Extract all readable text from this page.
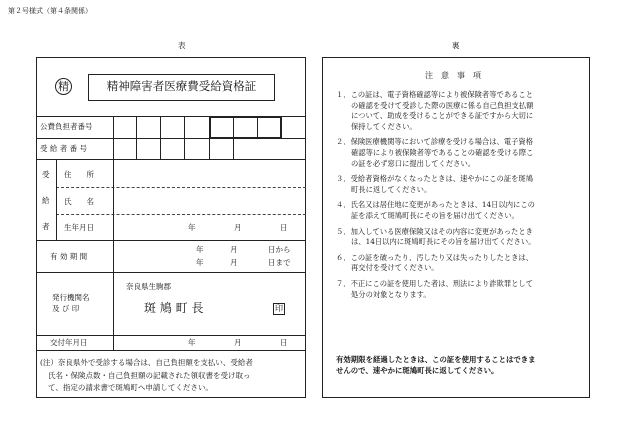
第２号様式（第４条関係）
表
精	精神障害者医療費受給資格証
公費負担者番号
受 給 者 番 号
受
給
者
住　　所
氏　　名
生年月日	年	月	日
有 効 期 間
年	月	日から
年	月	日まで
発行機関名
及 び 印
奈良県生駒郡
斑 鳩 町 長	印
交付年月日	年	月	日
(注）奈良県外で受診する場合は、自己負担額を支払い、受給者
氏名・保険点数・自己負担額の記載された領収書を受け取っ
て、指定の請求書で斑鳩町へ申請してください。
裏
注　意　事　項
１．この証は、電子資格確認等により被保険者等であること
の確認を受けて受診した際の医療に係る自己負担支払額
について、助成を受けることができる証ですから大切に
保持してください。
２．保険医療機関等において診療を受ける場合は、電子資格
確認等により被保険者等であることの確認を受ける際こ
の証を必ず窓口に提出してください。
３．受給者資格がなくなったときは、速やかにこの証を斑鳩
町長に返してください。
４．氏名又は居住地に変更があったときは、14日以内にこの
証を添えて斑鳩町長にその旨を届け出てください。
５．加入している医療保険又はその内容に変更があったとき
は、14日以内に斑鳩町長にその旨を届け出てください。
６．この証を破ったり、汚したり又は失ったりしたときは、
再交付を受けてください。
７．不正にこの証を使用した者は、刑法により詐欺罪として
処分の対象となります。
有効期限を経過したときは、この証を使用することはできま
せんので、速やかに斑鳩町長に返してください。
